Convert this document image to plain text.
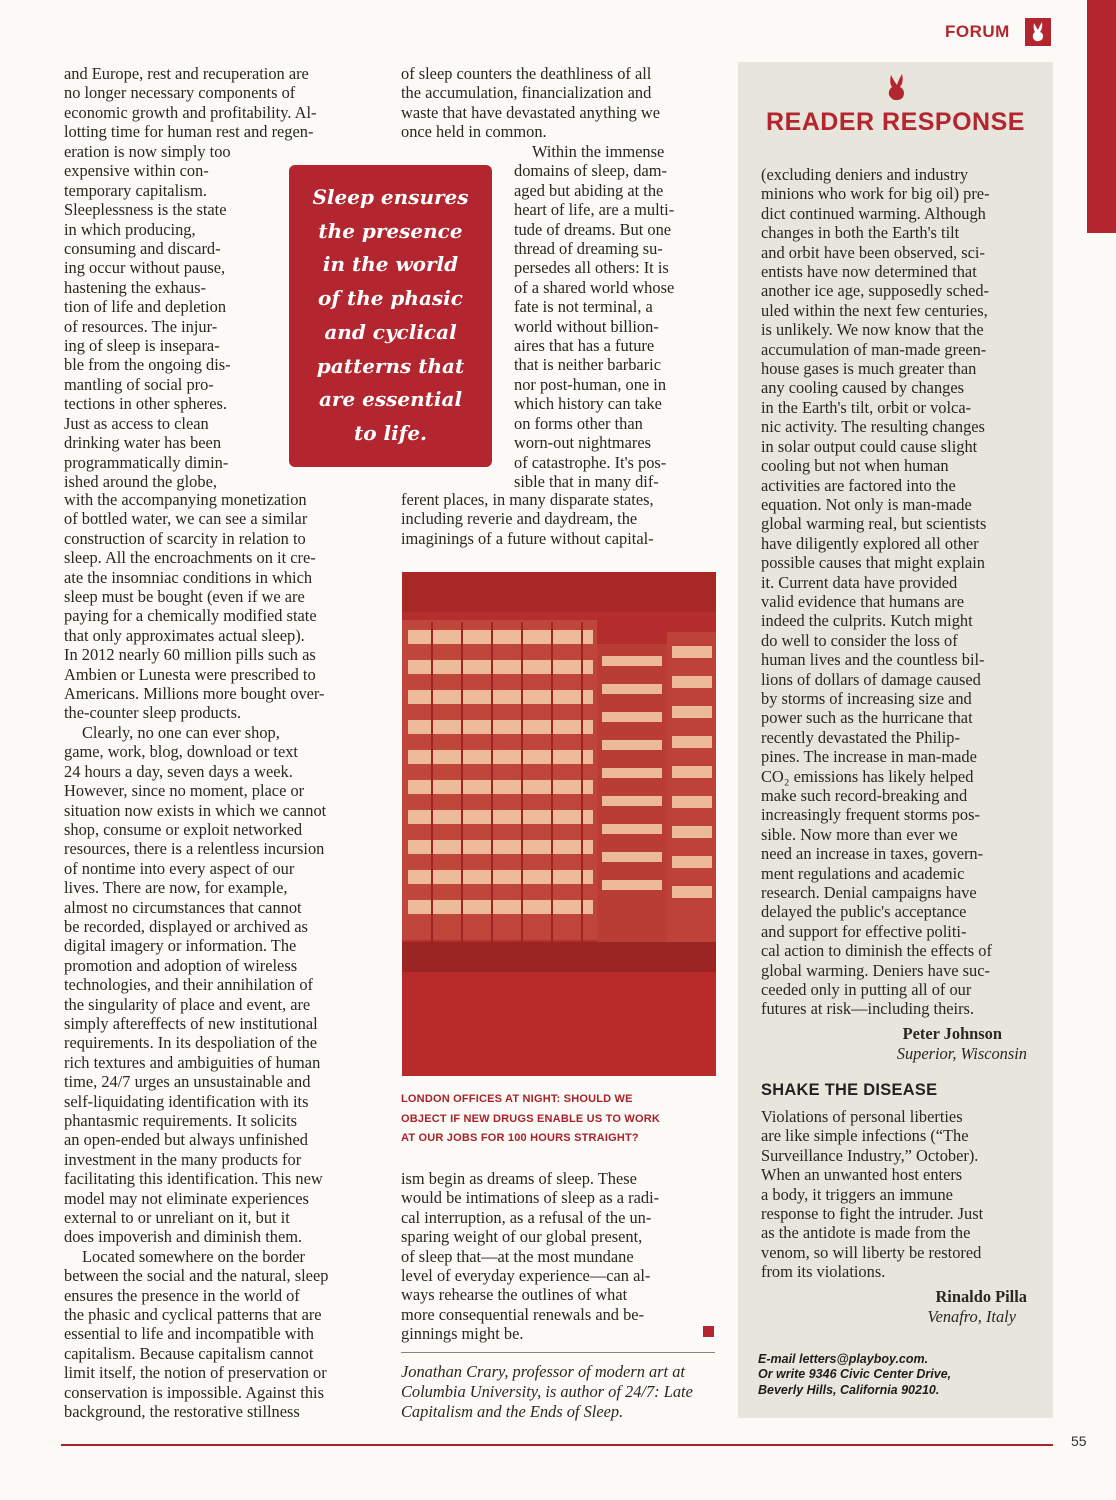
FORUM
and Europe, rest and recuperation are
no longer necessary components of
economic growth and profitability. Al-
lotting time for human rest and regen-
eration is now simply too
expensive within con-
temporary capitalism.
Sleeplessness is the state
in which producing,
consuming and discard-
ing occur without pause,
hastening the exhaus-
tion of life and depletion
of resources. The injur-
ing of sleep is insepara-
ble from the ongoing dis-
mantling of social pro-
tections in other spheres.
Just as access to clean
drinking water has been
programmatically dimin-
ished around the globe,
with the accompanying monetization
of bottled water, we can see a similar
construction of scarcity in relation to
sleep. All the encroachments on it cre-
ate the insomniac conditions in which
sleep must be bought (even if we are
paying for a chemically modified state
that only approximates actual sleep).
In 2012 nearly 60 million pills such as
Ambien or Lunesta were prescribed to
Americans. Millions more bought over-
the-counter sleep products.
Clearly, no one can ever shop,
game, work, blog, download or text
24 hours a day, seven days a week.
However, since no moment, place or
situation now exists in which we cannot
shop, consume or exploit networked
resources, there is a relentless incursion
of nontime into every aspect of our
lives. There are now, for example,
almost no circumstances that cannot
be recorded, displayed or archived as
digital imagery or information. The
promotion and adoption of wireless
technologies, and their annihilation of
the singularity of place and event, are
simply aftereffects of new institutional
requirements. In its despoliation of the
rich textures and ambiguities of human
time, 24/7 urges an unsustainable and
self-liquidating identification with its
phantasmic requirements. It solicits
an open-ended but always unfinished
investment in the many products for
facilitating this identification. This new
model may not eliminate experiences
external to or unreliant on it, but it
does impoverish and diminish them.
Located somewhere on the border
between the social and the natural, sleep
ensures the presence in the world of
the phasic and cyclical patterns that are
essential to life and incompatible with
capitalism. Because capitalism cannot
limit itself, the notion of preservation or
conservation is impossible. Against this
background, the restorative stillness
of sleep counters the deathliness of all
the accumulation, financialization and
waste that have devastated anything we
once held in common.
Within the immense
domains of sleep, dam-
aged but abiding at the
heart of life, are a multi-
tude of dreams. But one
thread of dreaming su-
persedes all others: It is
of a shared world whose
fate is not terminal, a
world without billion-
aires that has a future
that is neither barbaric
nor post-human, one in
which history can take
on forms other than
worn-out nightmares
of catastrophe. It's pos-
sible that in many dif-
ferent places, in many disparate states,
including reverie and daydream, the
imaginings of a future without capital-
ism begin as dreams of sleep. These
would be intimations of sleep as a radi-
cal interruption, as a refusal of the un-
sparing weight of our global present,
of sleep that—at the most mundane
level of everyday experience—can al-
ways rehearse the outlines of what
more consequential renewals and be-
ginnings might be.
Sleep ensures
the presence
in the world
of the phasic
and cyclical
patterns that
are essential
to life.
LONDON OFFICES AT NIGHT: SHOULD WE
OBJECT IF NEW DRUGS ENABLE US TO WORK
AT OUR JOBS FOR 100 HOURS STRAIGHT?
Jonathan Crary, professor of modern art at
Columbia University, is author of 24/7: Late
Capitalism and the Ends of Sleep.
READER RESPONSE
(excluding deniers and industry
minions who work for big oil) pre-
dict continued warming. Although
changes in both the Earth's tilt
and orbit have been observed, sci-
entists have now determined that
another ice age, supposedly sched-
uled within the next few centuries,
is unlikely. We now know that the
accumulation of man-made green-
house gases is much greater than
any cooling caused by changes
in the Earth's tilt, orbit or volca-
nic activity. The resulting changes
in solar output could cause slight
cooling but not when human
activities are factored into the
equation. Not only is man-made
global warming real, but scientists
have diligently explored all other
possible causes that might explain
it. Current data have provided
valid evidence that humans are
indeed the culprits. Kutch might
do well to consider the loss of
human lives and the countless bil-
lions of dollars of damage caused
by storms of increasing size and
power such as the hurricane that
recently devastated the Philip-
pines. The increase in man-made
CO₂ emissions has likely helped
make such record-breaking and
increasingly frequent storms pos-
sible. Now more than ever we
need an increase in taxes, govern-
ment regulations and academic
research. Denial campaigns have
delayed the public's acceptance
and support for effective politi-
cal action to diminish the effects of
global warming. Deniers have suc-
ceeded only in putting all of our
futures at risk—including theirs.
Peter Johnson
Superior, Wisconsin
SHAKE THE DISEASE
Violations of personal liberties
are like simple infections (“The
Surveillance Industry,” October).
When an unwanted host enters
a body, it triggers an immune
response to fight the intruder. Just
as the antidote is made from the
venom, so will liberty be restored
from its violations.
Rinaldo Pilla
Venafro, Italy
E-mail letters@playboy.com.
Or write 9346 Civic Center Drive,
Beverly Hills, California 90210.
55
